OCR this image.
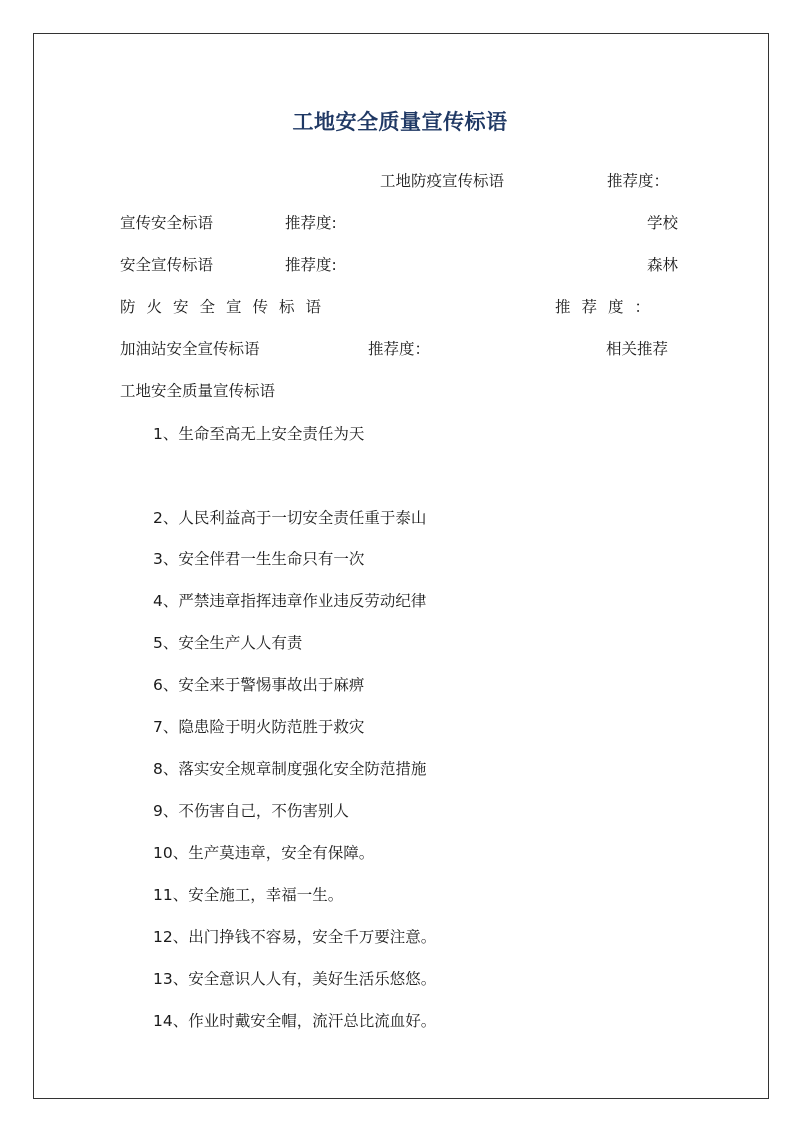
工地安全质量宣传标语
工地防疫宣传标语	推荐度：
宣传安全标语	推荐度:	学校
安全宣传标语	推荐度:	森林
防火安全宣传标语	推荐度：
加油站安全宣传标语	推荐度：	相关推荐
工地安全质量宣传标语
1、生命至高无上安全责任为天
2、人民利益高于一切安全责任重于泰山
3、安全伴君一生生命只有一次
4、严禁违章指挥违章作业违反劳动纪律
5、安全生产人人有责
6、安全来于警惕事故出于麻痹
7、隐患险于明火防范胜于救灾
8、落实安全规章制度强化安全防范措施
9、不伤害自己，不伤害别人
10、生产莫违章，安全有保障。
11、安全施工，幸福一生。
12、出门挣钱不容易，安全千万要注意。
13、安全意识人人有，美好生活乐悠悠。
14、作业时戴安全帽，流汗总比流血好。
